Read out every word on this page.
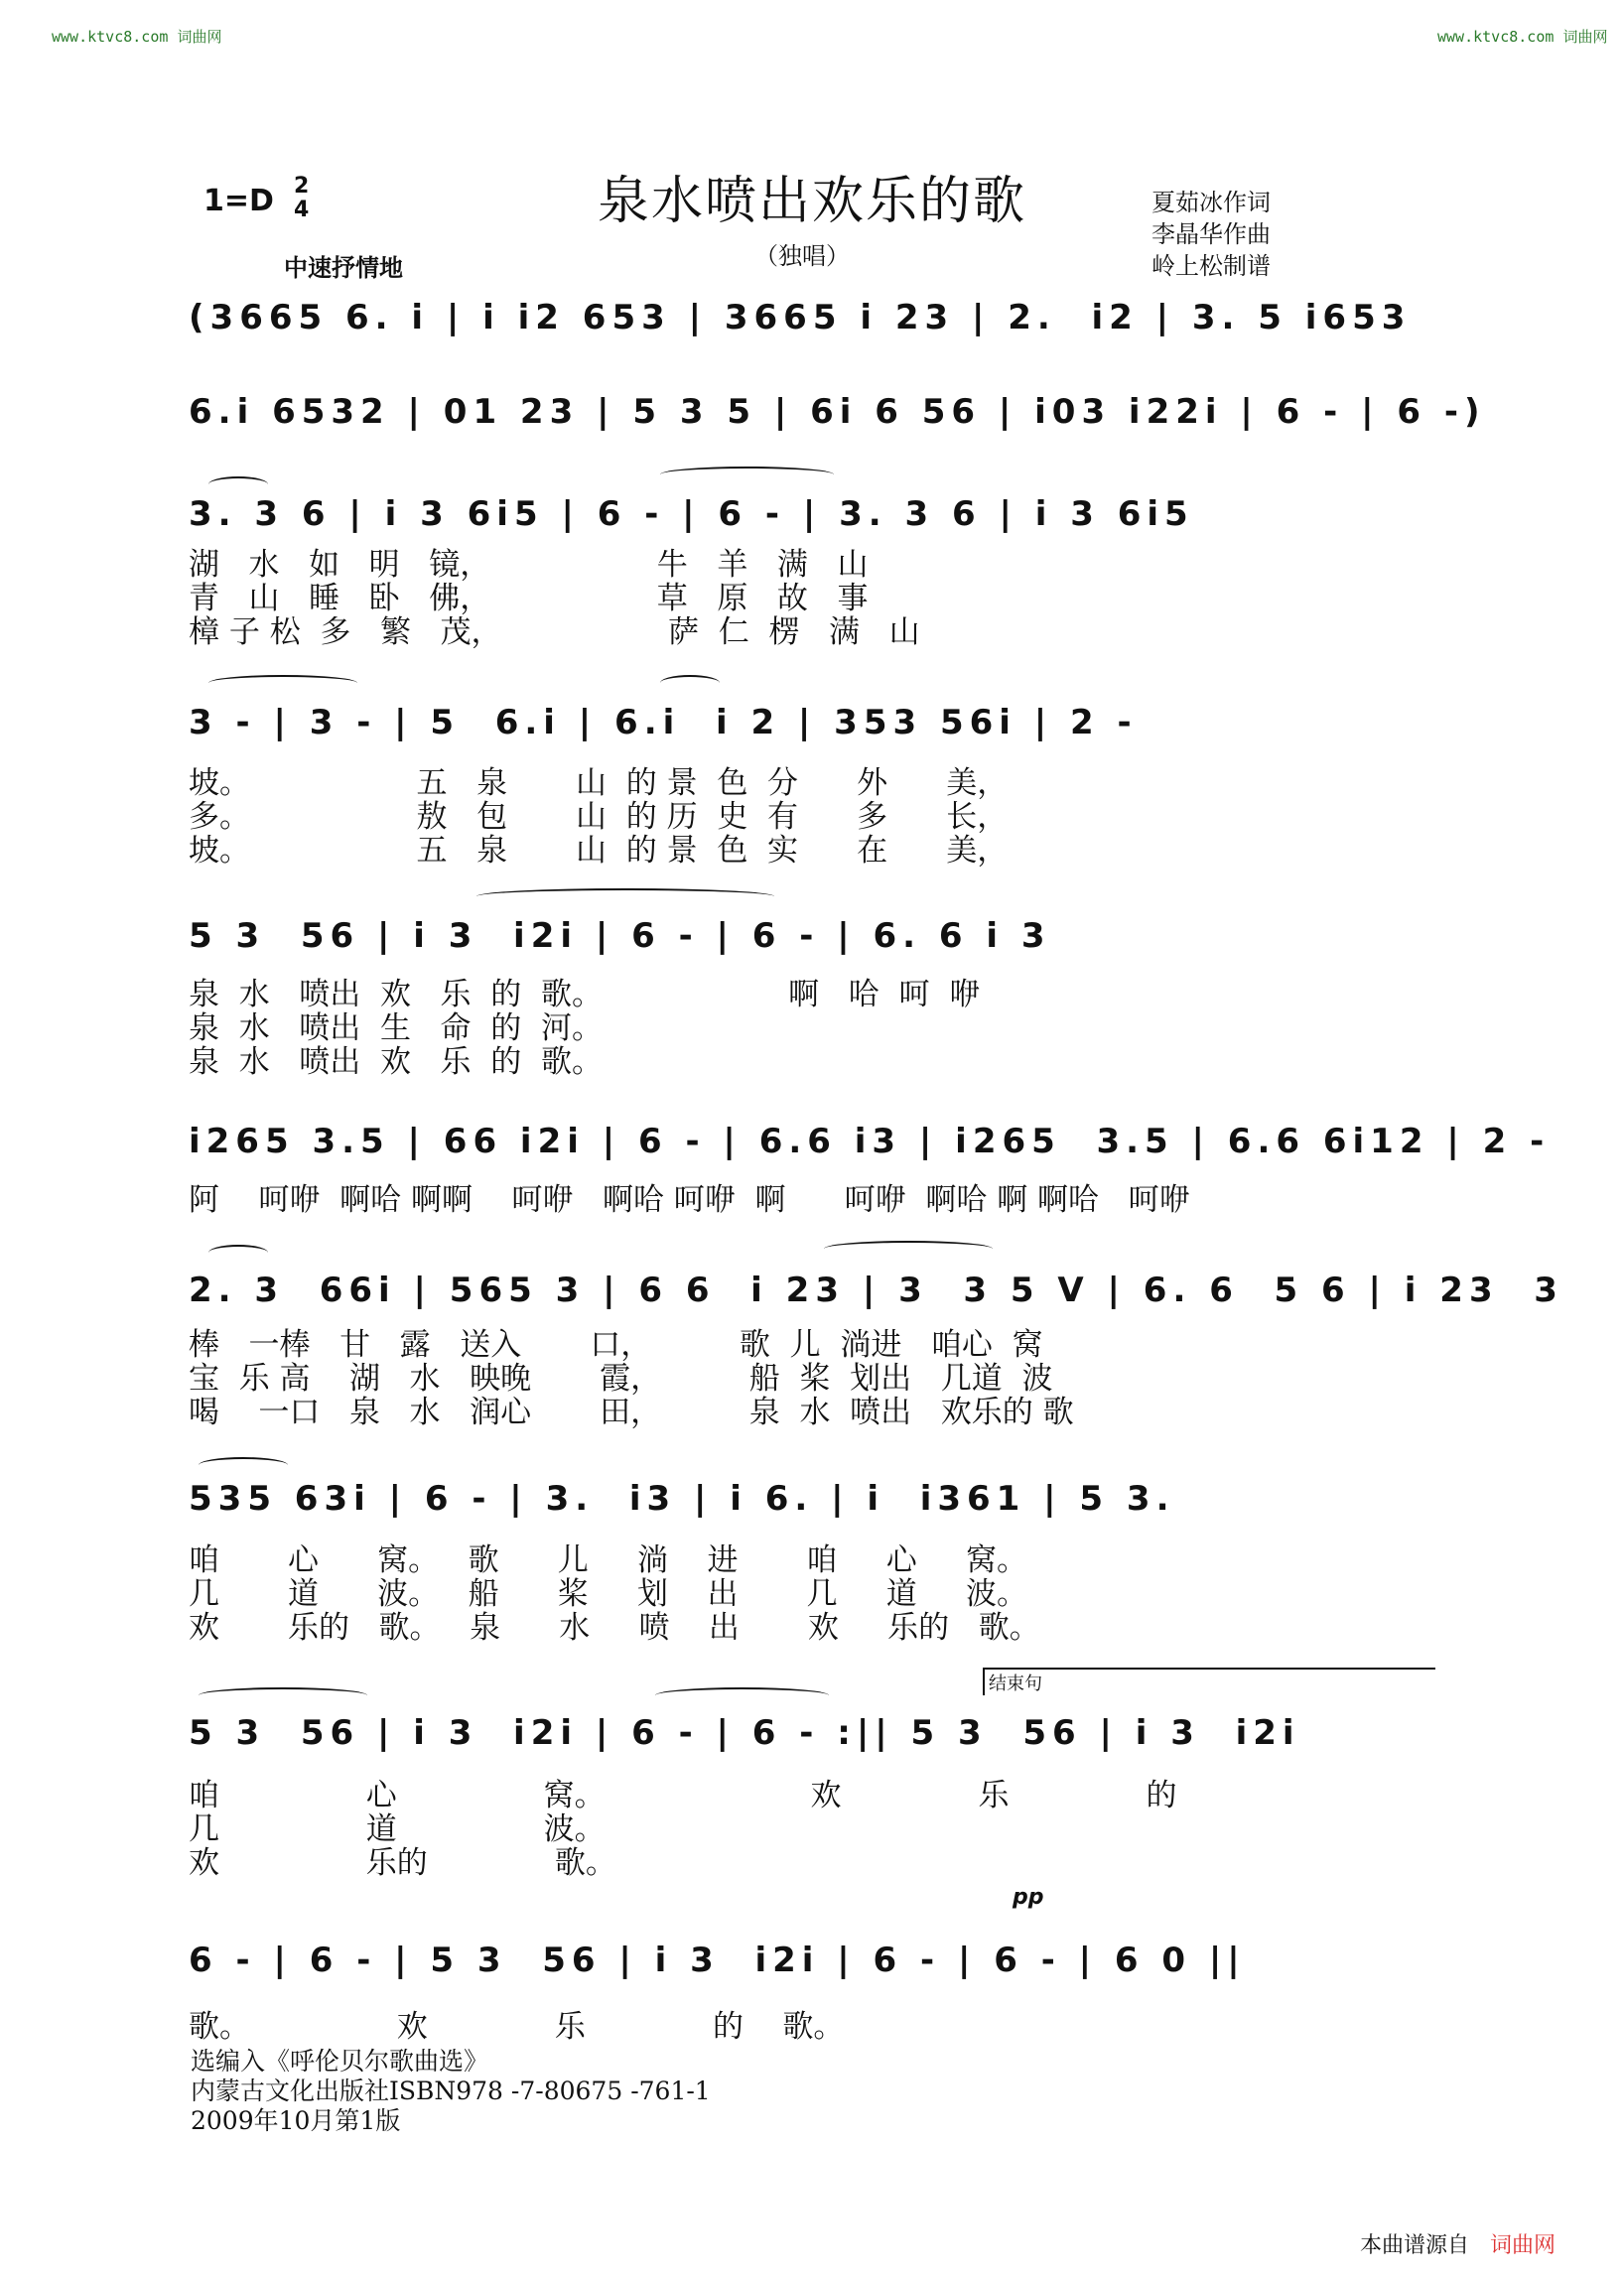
www.ktvc8.com 词曲网	www.ktvc8.com 词曲网
泉水喷出欢乐的歌
1=D 2
4
中速抒情地	（独唱）
夏茹冰作词
李晶华作曲
岭上松制谱
(3665 6. i | i i2 653 | 3665 i 23 | 2.  i2 | 3. 5 i653
6.i 6532 | 01 23 | 5 3 5 | 6i 6 56 | i03 i22i | 6 - | 6 -)
3. 3 6 | i 3 6i5 | 6 - | 6 - | 3. 3 6 | i 3 6i5
湖   水   如   明   镜，                 牛   羊   满   山
青   山   睡   卧   佛，                 草   原   故   事
樟 子 松  多   繁   茂，                 萨  仁  楞   满   山
3 - | 3 - | 5  6.i | 6.i  i 2 | 353 56i | 2 -
坡。                 五   泉       山  的 景  色  分      外      美，
多。                 敖   包       山  的 历  史  有      多      长，
坡。                 五   泉       山  的 景  色  实      在      美，
5 3  56 | i 3  i2i | 6 - | 6 - | 6. 6 i 3
泉  水   喷出  欢   乐  的  歌。                   啊   哈  呵  咿
泉  水   喷出  生   命  的  河。
泉  水   喷出  欢   乐  的  歌。
i265 3.5 | 66 i2i | 6 - | 6.6 i3 | i265  3.5 | 6.6 6i12 | 2 -
阿    呵咿  啊哈 啊啊    呵咿   啊哈 呵咿  啊      呵咿  啊哈 啊 啊哈   呵咿
2. 3  66i | 565 3 | 6 6  i 23 | 3  3 5 V | 6. 6  5 6 | i 23  3
棒   一棒   甘   露   送入       口，         歌  儿  淌进   咱心  窝
宝  乐 高    湖   水   映晚       霞，         船  桨  划出   几道  波
喝    一口   泉   水   润心       田，         泉  水  喷出   欢乐的 歌
535 63i | 6 - | 3.  i3 | i 6. | i  i361 | 5 3.
咱       心      窝。   歌      儿     淌    进       咱     心     窝。
几       道      波。   船      桨     划    出       几     道     波。
欢       乐的   歌。   泉      水     喷    出       欢     乐的   歌。
结束句
5 3  56 | i 3  i2i | 6 - | 6 - :|| 5 3  56 | i 3  i2i
咱               心               窝。                     欢              乐              的
几               道               波。
欢               乐的             歌。
pp
6 - | 6 - | 5 3  56 | i 3  i2i | 6 - | 6 - | 6 0 ||
歌。               欢             乐             的    歌。
选编入《呼伦贝尔歌曲选》
内蒙古文化出版社ISBN978 -7-80675 -761-1
2009年10月第1版
本曲谱源自 词曲网
